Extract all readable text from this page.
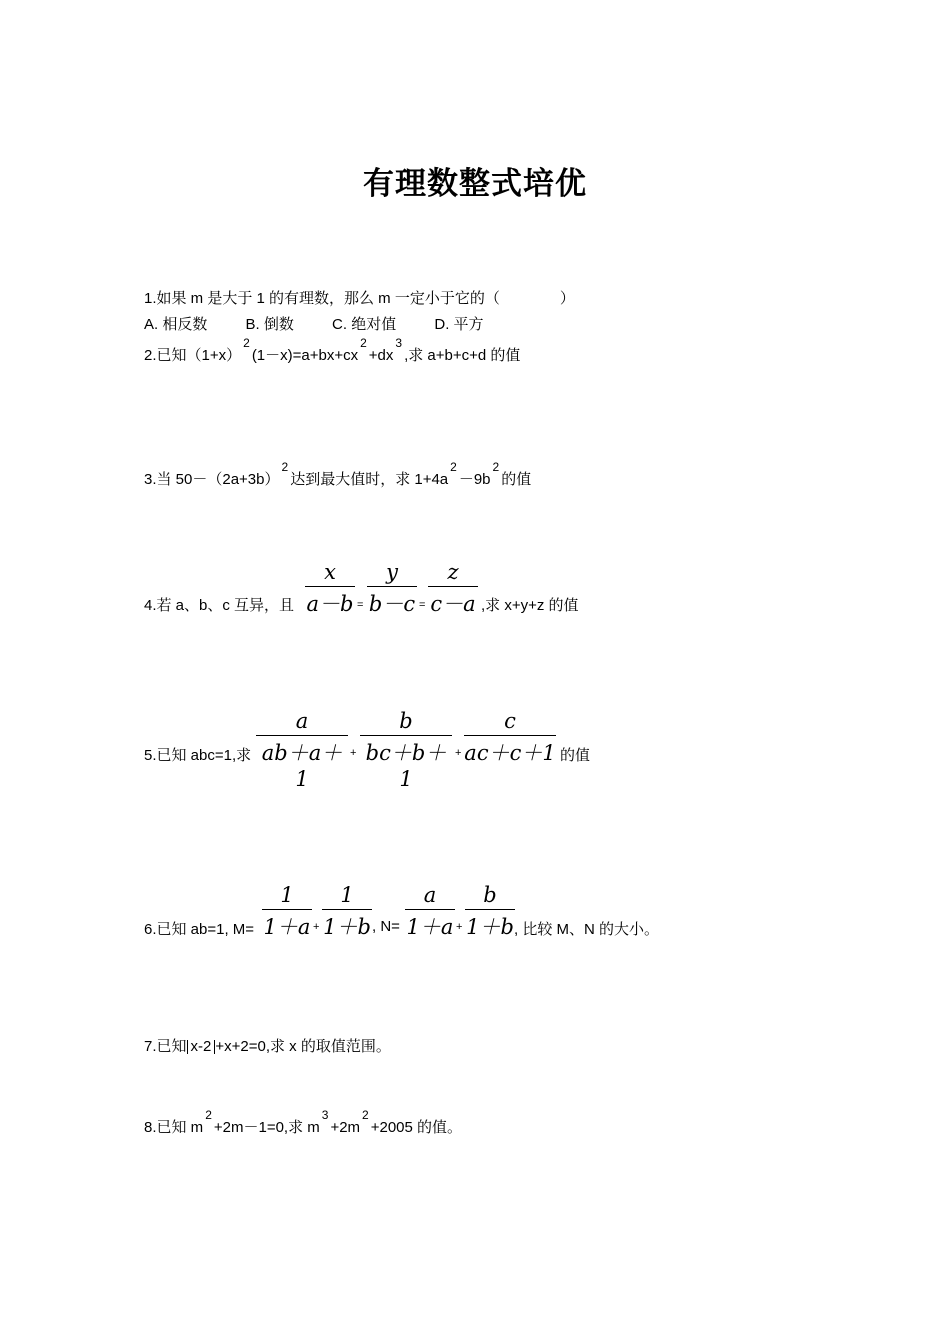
有理数整式培优
1.如果 m 是大于 1 的有理数，那么 m 一定小于它的（　　　　）
A. 相反数	B. 倒数	C. 绝对值	D. 平方
2.已知$(1+x)^2(1-x)=a+bx+cx^2+dx^3$,求 a+b+c+d 的值
3.当 $50-(2a+3b)^2$达到最大值时，求 $1+4a^2-9b^2$的值
4.若 a、b、c 互异，且 $\frac{x}{a-b} = \frac{y}{b-c} = \frac{z}{c-a}$ ,求 x+y+z 的值
5.已知 abc=1,求 $\frac{a}{ab+a+1} + \frac{b}{bc+b+1} + \frac{c}{ac+c+1}$ 的值
6.已知 ab=1, $M= \frac{1}{1+a} + \frac{1}{1+b}$ , $N= \frac{a}{1+a} + \frac{b}{1+b}$ , 比较 M、N 的大小。
7.已知 x-2 +x+2=0,求 x 的取值范围。
8.已知 $m^2+2m-1=0$,求 $m^3+2m^2+2005$ 的值。
